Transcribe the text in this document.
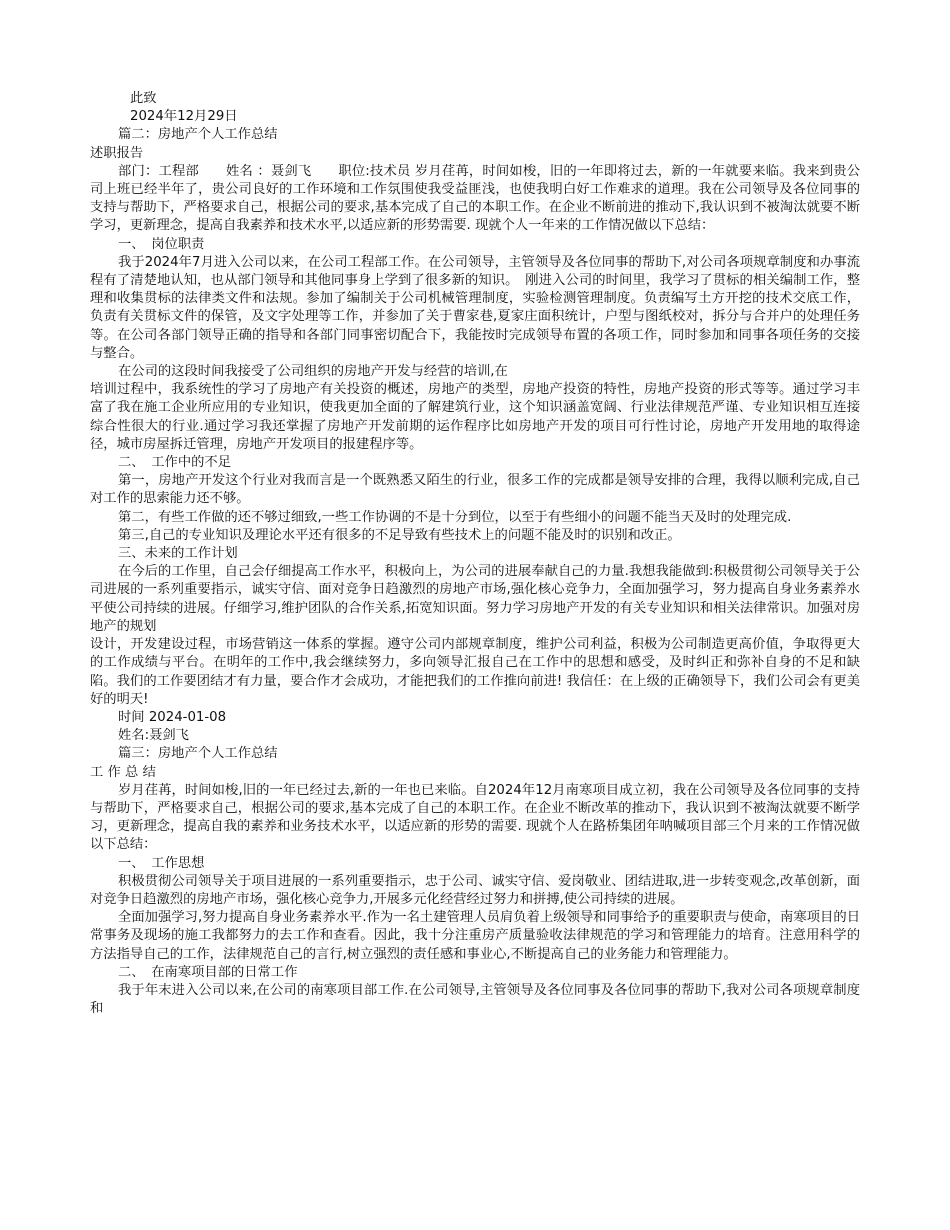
此致
2024年12月29日
篇二：房地产个人工作总结
述职报告
部门：工程部　　姓名 ：聂剑飞　　职位:技术员 岁月荏苒，时间如梭，旧的一年即将过去，新的一年就要来临。我来到贵公司上班已经半年了，贵公司良好的工作环境和工作氛围使我受益匪浅，也使我明白好工作难求的道理。我在公司领导及各位同事的支持与帮助下，严格要求自己，根据公司的要求,基本完成了自己的本职工作。在企业不断前进的推动下,我认识到不被淘汰就要不断学习，更新理念，提高自我素养和技术水平,以适应新的形势需要. 现就个人一年来的工作情况做以下总结：
一、　岗位职责
我于2024年7月进入公司以来，在公司工程部工作。在公司领导，主管领导及各位同事的帮助下,对公司各项规章制度和办事流程有了清楚地认知，也从部门领导和其他同事身上学到了很多新的知识。　刚进入公司的时间里，我学习了贯标的相关编制工作，整理和收集贯标的法律类文件和法规。参加了编制关于公司机械管理制度，实验检测管理制度。负责编写土方开挖的技术交底工作，负责有关贯标文件的保管，及文字处理等工作，并参加了关于曹家巷,夏家庄面积统计，户型与图纸校对，拆分与合并户的处理任务等。在公司各部门领导正确的指导和各部门同事密切配合下，我能按时完成领导布置的各项工作，同时参加和同事各项任务的交接与整合。
在公司的这段时间我接受了公司组织的房地产开发与经营的培训,在
培训过程中，我系统性的学习了房地产有关投资的概述，房地产的类型，房地产投资的特性，房地产投资的形式等等。通过学习丰富了我在施工企业所应用的专业知识，使我更加全面的了解建筑行业，这个知识涵盖宽阔、行业法律规范严谨、专业知识相互连接综合性很大的行业.通过学习我还掌握了房地产开发前期的运作程序比如房地产开发的项目可行性讨论，房地产开发用地的取得途径，城市房屋拆迁管理，房地产开发项目的报建程序等。
二、　工作中的不足
第一，房地产开发这个行业对我而言是一个既熟悉又陌生的行业，很多工作的完成都是领导安排的合理，我得以顺利完成,自己对工作的思索能力还不够。
第二，有些工作做的还不够过细致,一些工作协调的不是十分到位，以至于有些细小的问题不能当天及时的处理完成.
第三,自己的专业知识及理论水平还有很多的不足导致有些技术上的问题不能及时的识别和改正。
三、未来的工作计划
在今后的工作里，自己会仔细提高工作水平，积极向上，为公司的进展奉献自己的力量.我想我能做到:积极贯彻公司领导关于公司进展的一系列重要指示，诚实守信、面对竞争日趋激烈的房地产市场,强化核心竞争力，全面加强学习，努力提高自身业务素养水平使公司持续的进展。仔细学习,维护团队的合作关系,拓宽知识面。努力学习房地产开发的有关专业知识和相关法律常识。加强对房地产的规划
设计，开发建设过程，市场营销这一体系的掌握。遵守公司内部规章制度，维护公司利益，积极为公司制造更高价值，争取得更大的工作成绩与平台。在明年的工作中,我会继续努力，多向领导汇报自己在工作中的思想和感受，及时纠正和弥补自身的不足和缺陷。我们的工作要团结才有力量，要合作才会成功，才能把我们的工作推向前进! 我信任：在上级的正确领导下，我们公司会有更美好的明天!
时间 2024-01-08
姓名:聂剑飞
篇三：房地产个人工作总结
工 作 总 结
岁月荏苒，时间如梭,旧的一年已经过去,新的一年也已来临。自2024年12月南寒项目成立初，我在公司领导及各位同事的支持与帮助下，严格要求自己，根据公司的要求,基本完成了自己的本职工作。在企业不断改革的推动下，我认识到不被淘汰就要不断学习，更新理念，提高自我的素养和业务技术水平，以适应新的形势的需要. 现就个人在路桥集团年呐喊项目部三个月来的工作情况做以下总结：
一、　工作思想
积极贯彻公司领导关于项目进展的一系列重要指示，忠于公司、诚实守信、爱岗敬业、团结进取,进一步转变观念,改革创新，面对竞争日趋激烈的房地产市场，强化核心竞争力,开展多元化经营经过努力和拼搏,使公司持续的进展。
全面加强学习,努力提高自身业务素养水平.作为一名土建管理人员肩负着上级领导和同事给予的重要职责与使命，南寒项目的日常事务及现场的施工我都努力的去工作和查看。因此，我十分注重房产质量验收法律规范的学习和管理能力的培育。注意用科学的方法指导自己的工作，法律规范自己的言行,树立强烈的责任感和事业心,不断提高自己的业务能力和管理能力。
二、　在南寒项目部的日常工作
我于年末进入公司以来,在公司的南寒项目部工作.在公司领导,主管领导及各位同事及各位同事的帮助下,我对公司各项规章制度和
